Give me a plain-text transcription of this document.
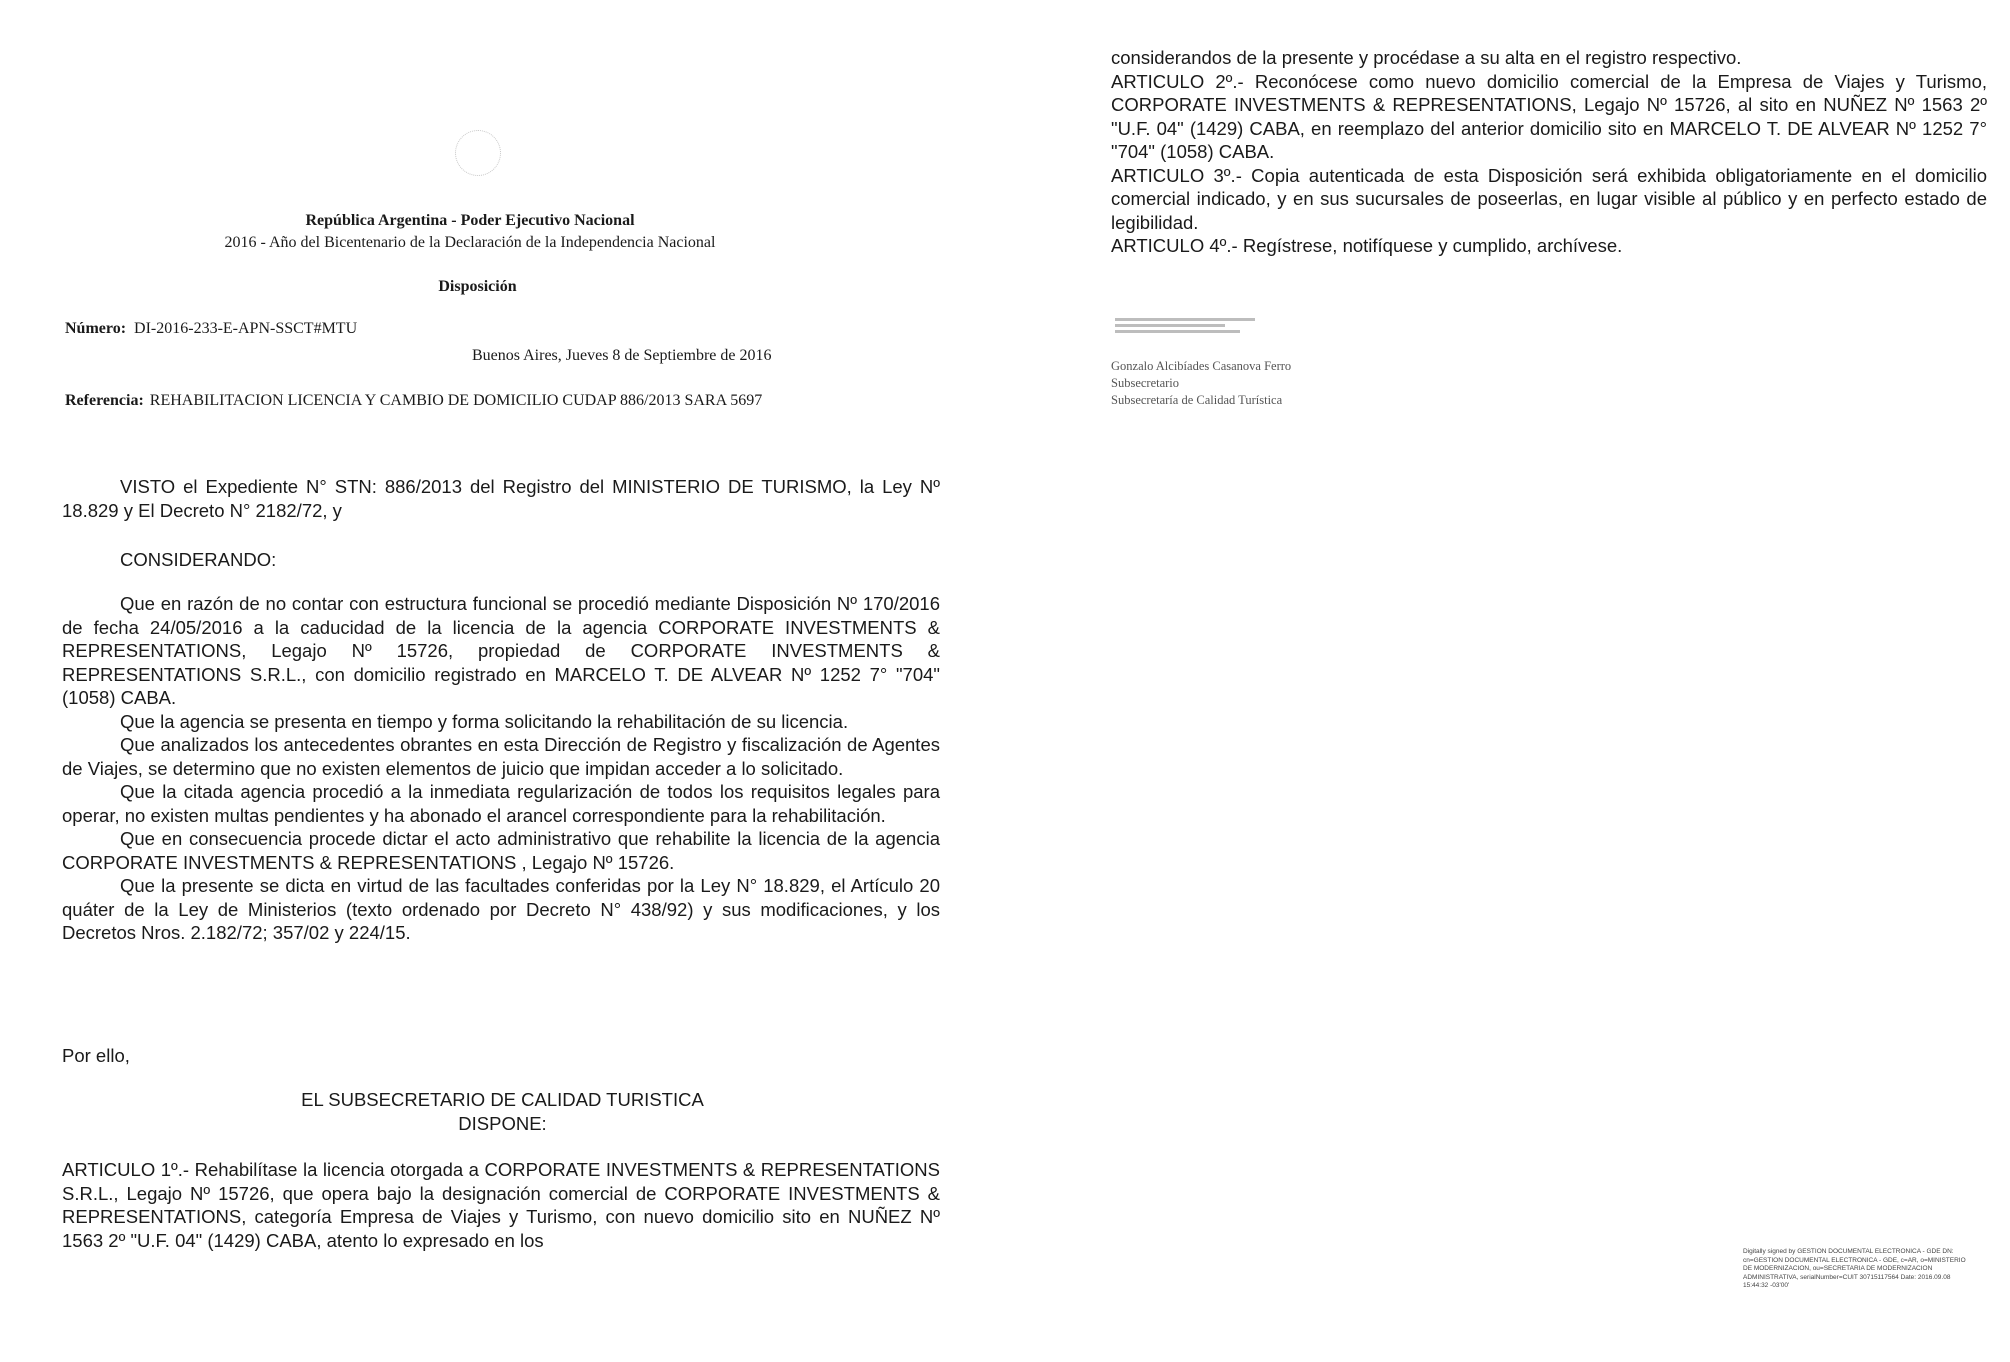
República Argentina - Poder Ejecutivo Nacional
2016 - Año del Bicentenario de la Declaración de la Independencia Nacional
Disposición
Número: DI-2016-233-E-APN-SSCT#MTU
Buenos Aires, Jueves 8 de Septiembre de 2016
Referencia: REHABILITACION LICENCIA Y CAMBIO DE DOMICILIO CUDAP 886/2013 SARA 5697

VISTO el Expediente N° STN: 886/2013 del Registro del MINISTERIO DE TURISMO, la Ley Nº 18.829 y El Decreto N° 2182/72, y

CONSIDERANDO:

Que en razón de no contar con estructura funcional se procedió mediante Disposición Nº 170/2016 de fecha 24/05/2016 a la caducidad de la licencia de la agencia CORPORATE INVESTMENTS & REPRESENTATIONS, Legajo Nº 15726, propiedad de CORPORATE INVESTMENTS & REPRESENTATIONS S.R.L., con domicilio registrado en MARCELO T. DE ALVEAR Nº 1252 7° "704" (1058) CABA.

Que la agencia se presenta en tiempo y forma solicitando la rehabilitación de su licencia.

Que analizados los antecedentes obrantes en esta Dirección de Registro y fiscalización de Agentes de Viajes, se determino que no existen elementos de juicio que impidan acceder a lo solicitado.

Que la citada agencia procedió a la inmediata regularización de todos los requisitos legales para operar, no existen multas pendientes y ha abonado el arancel correspondiente para la rehabilitación.

Que en consecuencia procede dictar el acto administrativo que rehabilite la licencia de la agencia CORPORATE INVESTMENTS & REPRESENTATIONS , Legajo Nº 15726.

Que la presente se dicta en virtud de las facultades conferidas por la Ley N° 18.829, el Artículo 20 quáter de la Ley de Ministerios (texto ordenado por Decreto N° 438/92) y sus modificaciones, y los Decretos Nros. 2.182/72; 357/02 y 224/15.

Por ello,

EL SUBSECRETARIO DE CALIDAD TURISTICA
DISPONE:

ARTICULO 1º.- Rehabilítase la licencia otorgada a CORPORATE INVESTMENTS & REPRESENTATIONS S.R.L., Legajo Nº 15726, que opera bajo la designación comercial de CORPORATE INVESTMENTS & REPRESENTATIONS, categoría Empresa de Viajes y Turismo, con nuevo domicilio sito en NUÑEZ Nº 1563 2º "U.F. 04" (1429) CABA, atento lo expresado en los

considerandos de la presente y procédase a su alta en el registro respectivo.

ARTICULO 2º.- Reconócese como nuevo domicilio comercial de la Empresa de Viajes y Turismo, CORPORATE INVESTMENTS & REPRESENTATIONS, Legajo Nº 15726, al sito en NUÑEZ Nº 1563 2º "U.F. 04" (1429) CABA, en reemplazo del anterior domicilio sito en MARCELO T. DE ALVEAR Nº 1252 7° "704" (1058) CABA.

ARTICULO 3º.- Copia autenticada de esta Disposición será exhibida obligatoriamente en el domicilio comercial indicado, y en sus sucursales de poseerlas, en lugar visible al público y en perfecto estado de legibilidad.

ARTICULO 4º.- Regístrese, notifíquese y cumplido, archívese.

Gonzalo Alcibíades Casanova Ferro
Subsecretario
Subsecretaría de Calidad Turística
Digitally signed by GESTION DOCUMENTAL ELECTRONICA - GDE DN: cn=GESTION DOCUMENTAL ELECTRONICA - GDE, c=AR, o=MINISTERIO DE MODERNIZACION, ou=SECRETARIA DE MODERNIZACION ADMINISTRATIVA, serialNumber=CUIT 30715117564 Date: 2016.09.08 15:44:32 -03'00'
